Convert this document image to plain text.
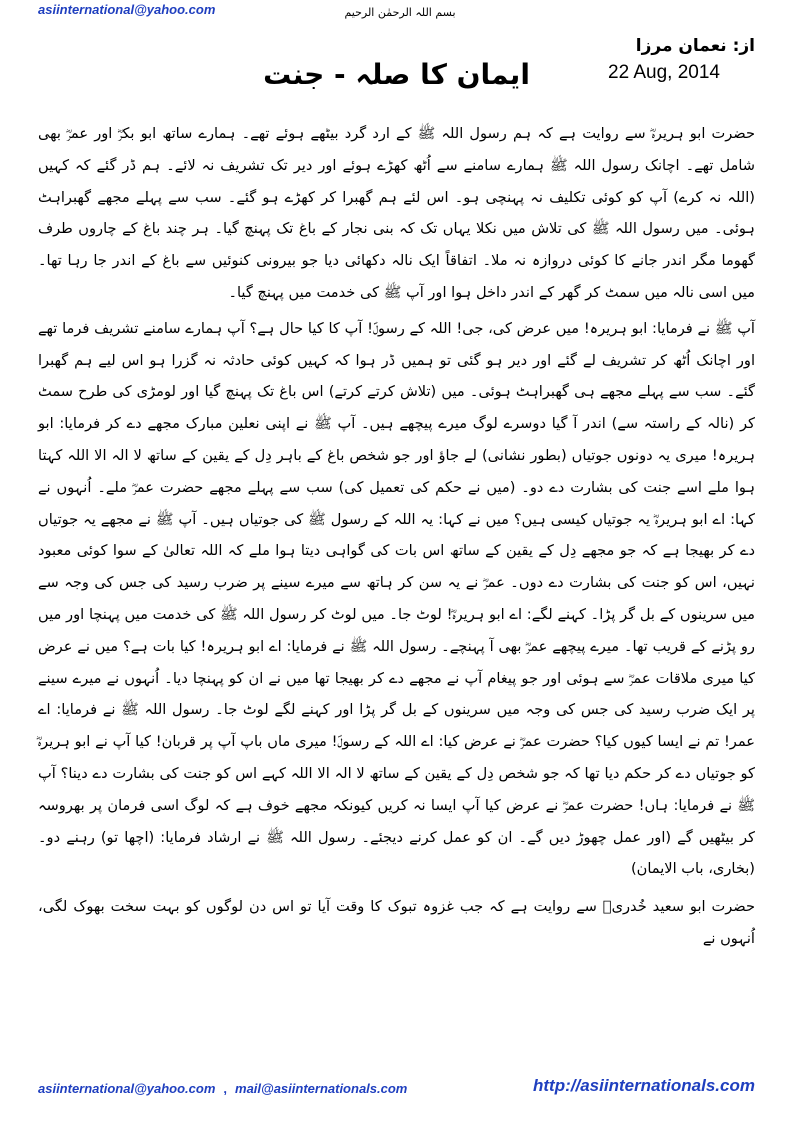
asiinternational@yahoo.com	بسم اللہ الرحمٰن الرحیم
از: نعمان مرزا
ایمان کا صلہ - جنت	22 Aug, 2014

حضرت ابو ہریرہؓ سے روایت ہے کہ ہم رسول اللہ ﷺ کے ارد گرد بیٹھے ہوئے تھے۔ ہمارے ساتھ ابو بکرؓ اور عمرؓ بھی شامل تھے۔ اچانک رسول اللہ ﷺ ہمارے سامنے سے اُٹھ کھڑے ہوئے اور دیر تک تشریف نہ لائے۔ ہم ڈر گئے کہ کہیں (اللہ نہ کرے) آپ کو کوئی تکلیف نہ پہنچی ہو۔ اس لئے ہم گھبرا کر کھڑے ہو گئے۔ سب سے پہلے مجھے گھبراہٹ ہوئی۔ میں رسول اللہ ﷺ کی تلاش میں نکلا یہاں تک کہ بنی نجار کے باغ تک پہنچ گیا۔ ہر چند باغ کے چاروں طرف گھوما مگر اندر جانے کا کوئی دروازہ نہ ملا۔ اتفاقاً ایک نالہ دکھائی دیا جو بیرونی کنوئیں سے باغ کے اندر جا رہا تھا۔ میں اسی نالہ میں سمٹ کر گھر کے اندر داخل ہوا اور آپ ﷺ کی خدمت میں پہنچ گیا۔

آپ ﷺ نے فرمایا: ابو ہریرہ! میں عرض کی، جی! اللہ کے رسولؐ! آپ کا کیا حال ہے؟ آپ ہمارے سامنے تشریف فرما تھے اور اچانک اُٹھ کر تشریف لے گئے اور دیر ہو گئی تو ہمیں ڈر ہوا کہ کہیں کوئی حادثہ نہ گزرا ہو اس لیے ہم گھبرا گئے۔ سب سے پہلے مجھے ہی گھبراہٹ ہوئی۔ میں (تلاش کرتے کرتے) اس باغ تک پہنچ گیا اور لومڑی کی طرح سمٹ کر (نالہ کے راستہ سے) اندر آ گیا دوسرے لوگ میرے پیچھے ہیں۔ آپ ﷺ نے اپنی نعلین مبارک مجھے دے کر فرمایا: ابو ہریرہ! میری یہ دونوں جوتیاں (بطور نشانی) لے جاؤ اور جو شخص باغ کے باہر دِل کے یقین کے ساتھ لا الہ الا اللہ کہتا ہوا ملے اسے جنت کی بشارت دے دو۔ (میں نے حکم کی تعمیل کی) سب سے پہلے مجھے حضرت عمرؓ ملے۔ اُنہوں نے کہا: اے ابو ہریرہؓ یہ جوتیاں کیسی ہیں؟ میں نے کہا: یہ اللہ کے رسول ﷺ کی جوتیاں ہیں۔ آپ ﷺ نے مجھے یہ جوتیاں دے کر بھیجا ہے کہ جو مجھے دِل کے یقین کے ساتھ اس بات کی گواہی دیتا ہوا ملے کہ اللہ تعالیٰ کے سوا کوئی معبود نہیں، اس کو جنت کی بشارت دے دوں۔ عمرؓ نے یہ سن کر ہاتھ سے میرے سینے پر ضرب رسید کی جس کی وجہ سے میں سرینوں کے بل گر پڑا۔ کہنے لگے: اے ابو ہریرہؓ! لوٹ جا۔ میں لوٹ کر رسول اللہ ﷺ کی خدمت میں پہنچا اور میں رو پڑنے کے قریب تھا۔ میرے پیچھے عمرؓ بھی آ پہنچے۔ رسول اللہ ﷺ نے فرمایا: اے ابو ہریرہ! کیا بات ہے؟ میں نے عرض کیا میری ملاقات عمرؓ سے ہوئی اور جو پیغام آپ نے مجھے دے کر بھیجا تھا میں نے ان کو پہنچا دیا۔ اُنہوں نے میرے سینے پر ایک ضرب رسید کی جس کی وجہ میں سرینوں کے بل گر پڑا اور کہنے لگے لوٹ جا۔ رسول اللہ ﷺ نے فرمایا: اے عمر! تم نے ایسا کیوں کیا؟ حضرت عمرؓ نے عرض کیا: اے اللہ کے رسولؐ! میری ماں باپ آپ پر قربان! کیا آپ نے ابو ہریرہؓ کو جوتیاں دے کر حکم دیا تھا کہ جو شخص دِل کے یقین کے ساتھ لا الہ الا اللہ کہے اس کو جنت کی بشارت دے دینا؟ آپ ﷺ نے فرمایا: ہاں! حضرت عمرؓ نے عرض کیا آپ ایسا نہ کریں کیونکہ مجھے خوف ہے کہ لوگ اسی فرمان پر بھروسہ کر بیٹھیں گے (اور عمل چھوڑ دیں گے۔ ان کو عمل کرنے دیجئے۔ رسول اللہ ﷺ نے ارشاد فرمایا: (اچھا تو) رہنے دو۔ (بخاری، باب الایمان)

حضرت ابو سعید خُدریؓ سے روایت ہے کہ جب غزوہ تبوک کا وقت آیا تو اس دن لوگوں کو بہت سخت بھوک لگی، اُنہوں نے

asiinternational@yahoo.com , mail@asiinternationals.com	http://asiinternationals.com
